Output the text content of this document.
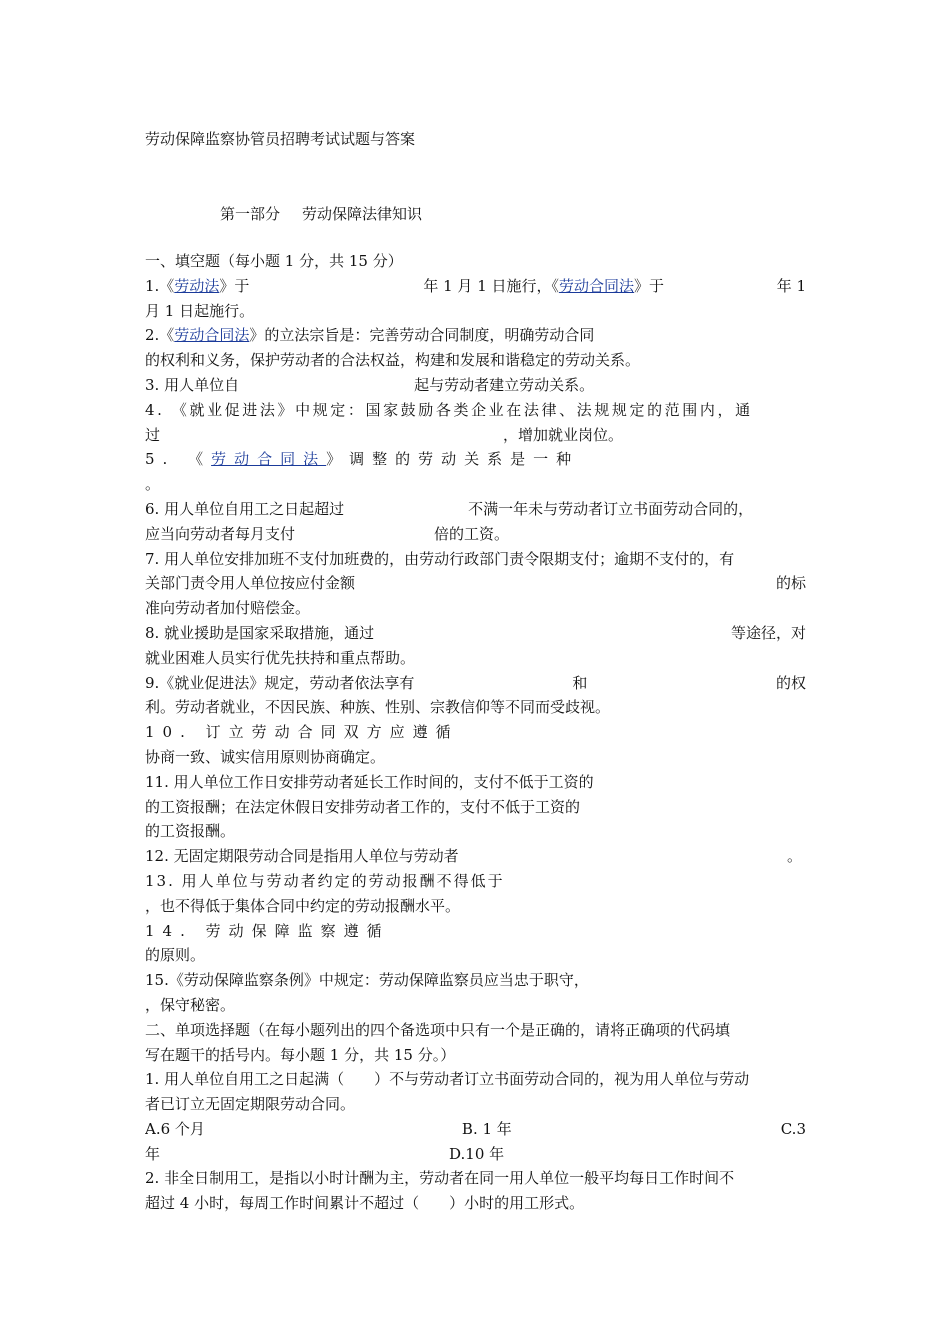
劳动保障监察协管员招聘考试试题与答案
第一部分 劳动保障法律知识
一、填空题（每小题 1 分，共 15 分）
1.《 劳动法 》于	年 1 月 1 日施行，《 劳动合同法 》于	年 1
月 1 日起施行。
2.《 劳动合同法 》的立法宗旨是：完善劳动合同制度，明确劳动合同
的权利和义务，保护劳动者的合法权益，构建和发展和谐稳定的劳动关系。
3. 用人单位自	起与劳动者建立劳动关系。
4. 《就业促进法》中规定：国家鼓励各类企业在法律、法规规定的范围内，通
过	，增加就业岗位。
5. 《 劳动合同法 》调整的劳动关系是一种
。
6. 用人单位自用工之日起超过	不满一年未与劳动者订立书面劳动合同的，
应当向劳动者每月支付	倍的工资。
7. 用人单位安排加班不支付加班费的，由劳动行政部门责令限期支付；逾期不支付的，有
关部门责令用人单位按应付金额	的标
准向劳动者加付赔偿金。
8. 就业援助是国家采取措施，通过	等途径，对
就业困难人员实行优先扶持和重点帮助。
9.《就业促进法》规定，劳动者依法享有	和	的权
利。劳动者就业，不因民族、种族、性别、宗教信仰等不同而受歧视。
10. 订立劳动合同双方应遵循
协商一致、诚实信用原则协商确定。
11. 用人单位工作日安排劳动者延长工作时间的，支付不低于工资的
的工资报酬；在法定休假日安排劳动者工作的，支付不低于工资的
的工资报酬。
12. 无固定期限劳动合同是指用人单位与劳动者	。
13. 用人单位与劳动者约定的劳动报酬不得低于
，也不得低于集体合同中约定的劳动报酬水平。
14. 劳动保障监察遵循
的原则。
15.《劳动保障监察条例》中规定：劳动保障监察员应当忠于职守，
，保守秘密。
二、单项选择题（在每小题列出的四个备选项中只有一个是正确的，请将正确项的代码填
写在题干的括号内。每小题 1 分，共 15 分。）
1. 用人单位自用工之日起满（　　）不与劳动者订立书面劳动合同的，视为用人单位与劳动
者已订立无固定期限劳动合同。
A.6 个月	B. 1 年	C.3
年	D.10 年
2. 非全日制用工，是指以小时计酬为主，劳动者在同一用人单位一般平均每日工作时间不
超过 4 小时，每周工作时间累计不超过（　　）小时的用工形式。
